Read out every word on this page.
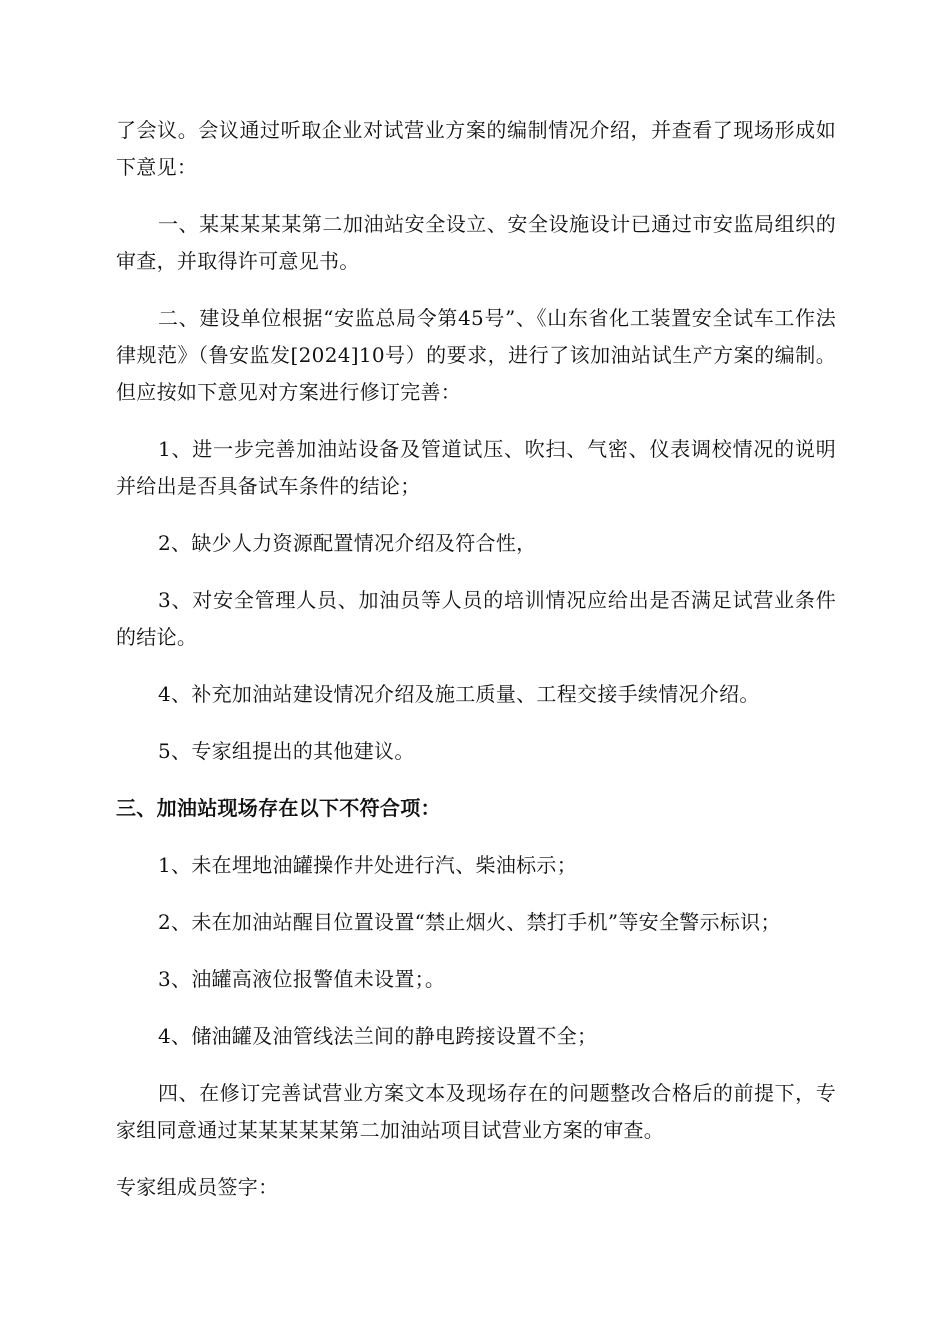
了会议。会议通过听取企业对试营业方案的编制情况介绍，并查看了现场形成如下意见：

一、某某某某某第二加油站安全设立、安全设施设计已通过市安监局组织的审查，并取得许可意见书。

二、建设单位根据“安监总局令第45号”、《山东省化工装置安全试车工作法律规范》（鲁安监发[2024]10号）的要求，进行了该加油站试生产方案的编制。但应按如下意见对方案进行修订完善：

1、进一步完善加油站设备及管道试压、吹扫、气密、仪表调校情况的说明并给出是否具备试车条件的结论；

2、缺少人力资源配置情况介绍及符合性，

3、对安全管理人员、加油员等人员的培训情况应给出是否满足试营业条件的结论。

4、补充加油站建设情况介绍及施工质量、工程交接手续情况介绍。

5、专家组提出的其他建议。

三、加油站现场存在以下不符合项：

1、未在埋地油罐操作井处进行汽、柴油标示；

2、未在加油站醒目位置设置“禁止烟火、禁打手机”等安全警示标识；

3、油罐高液位报警值未设置；。

4、储油罐及油管线法兰间的静电跨接设置不全；

四、在修订完善试营业方案文本及现场存在的问题整改合格后的前提下，专家组同意通过某某某某某第二加油站项目试营业方案的审查。

专家组成员签字：
